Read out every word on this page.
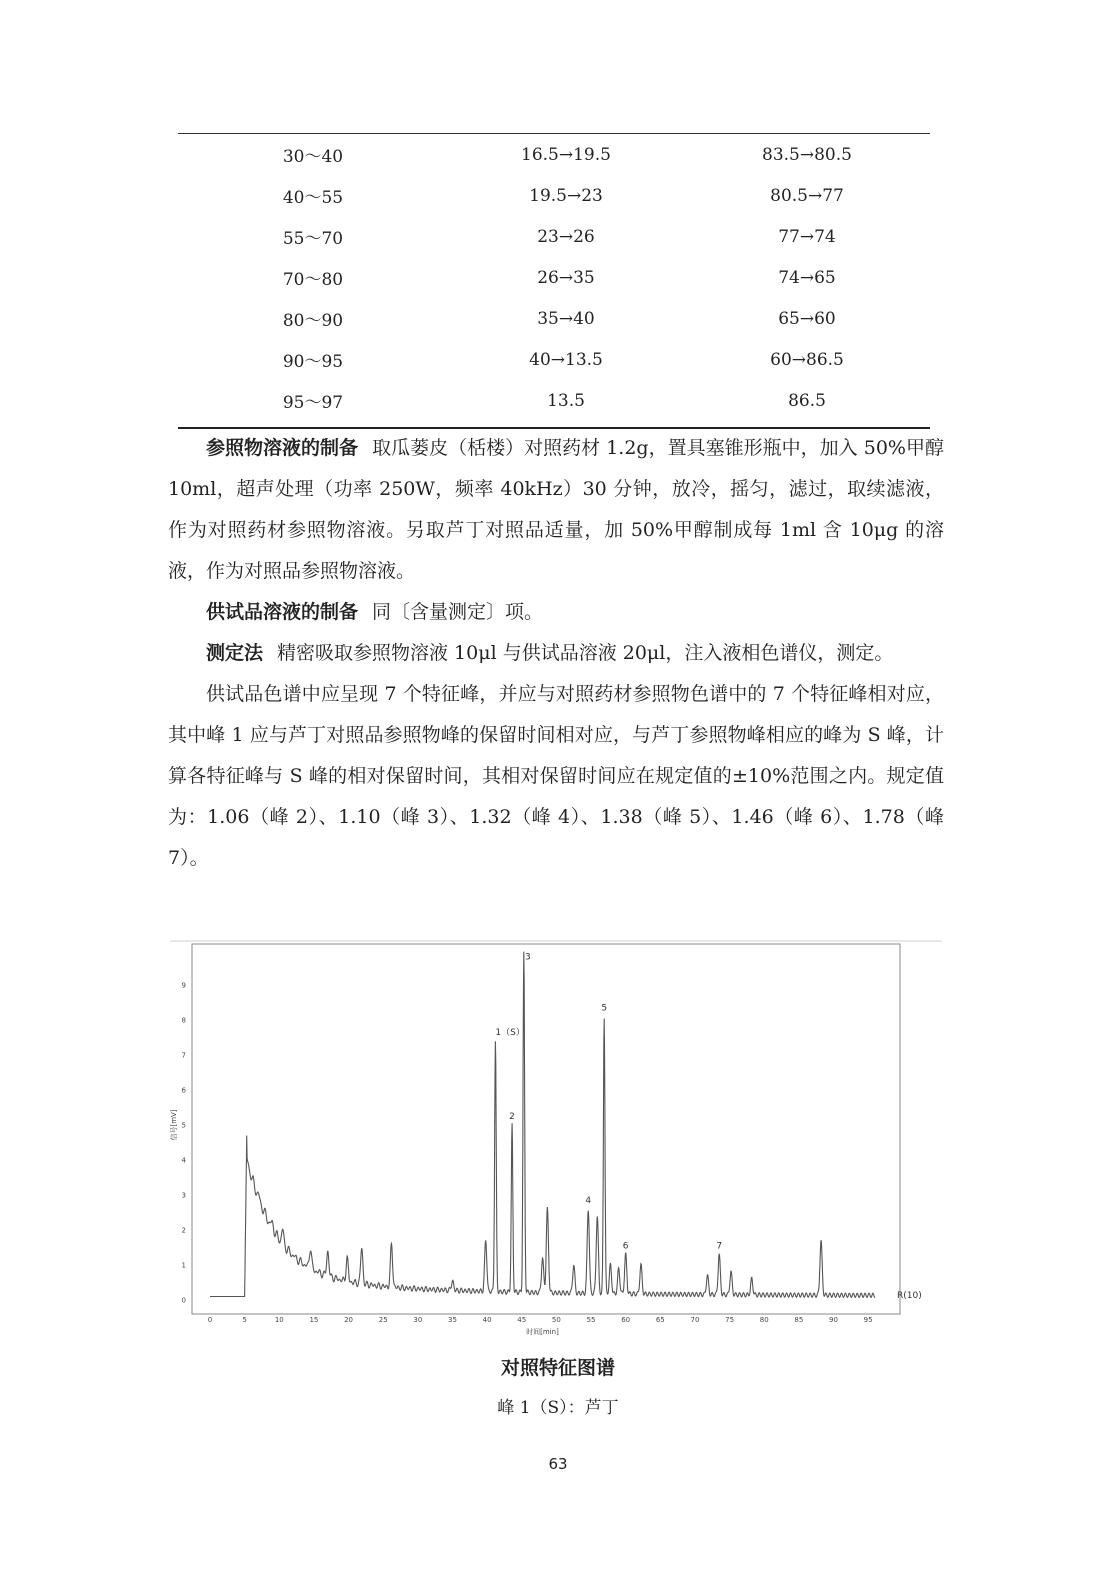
30～40	16.5→19.5	83.5→80.5
40～55	19.5→23	80.5→77
55～70	23→26	77→74
70～80	26→35	74→65
80～90	35→40	65→60
90～95	40→13.5	60→86.5
95～97	13.5	86.5

参照物溶液的制备 取瓜蒌皮（栝楼）对照药材 1.2g，置具塞锥形瓶中，加入 50%甲醇 10ml，超声处理（功率 250W，频率 40kHz）30 分钟，放冷，摇匀，滤过，取续滤液，作为对照药材参照物溶液。另取芦丁对照品适量，加 50%甲醇制成每 1ml 含 10μg 的溶液，作为对照品参照物溶液。

供试品溶液的制备 同〔含量测定〕项。

测定法 精密吸取参照物溶液 10μl 与供试品溶液 20μl，注入液相色谱仪，测定。

供试品色谱中应呈现 7 个特征峰，并应与对照药材参照物色谱中的 7 个特征峰相对应，其中峰 1 应与芦丁对照品参照物峰的保留时间相对应，与芦丁参照物峰相应的峰为 S 峰，计算各特征峰与 S 峰的相对保留时间，其相对保留时间应在规定值的±10%范围之内。规定值为：1.06（峰 2）、1.10（峰 3）、1.32（峰 4）、1.38（峰 5）、1.46（峰 6）、1.78（峰 7）。

0
1
2
3
4
5
6
7
8
9
0	5	10	15	20	25	30	35	40	45	50	55	60	65	70	75	80	85	90	95
1（S）
2
3
4
5
6	7
R(10)
信号[mV]
时间[min]
对照特征图谱
峰 1（S）：芦丁
63
